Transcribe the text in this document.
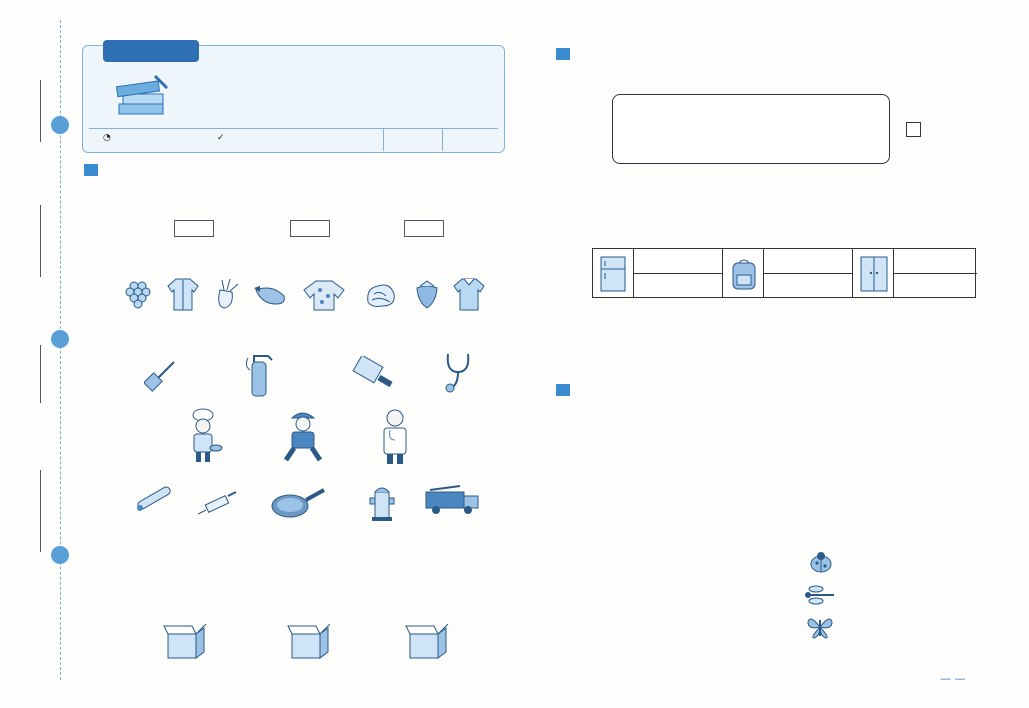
◔	✓
— —
